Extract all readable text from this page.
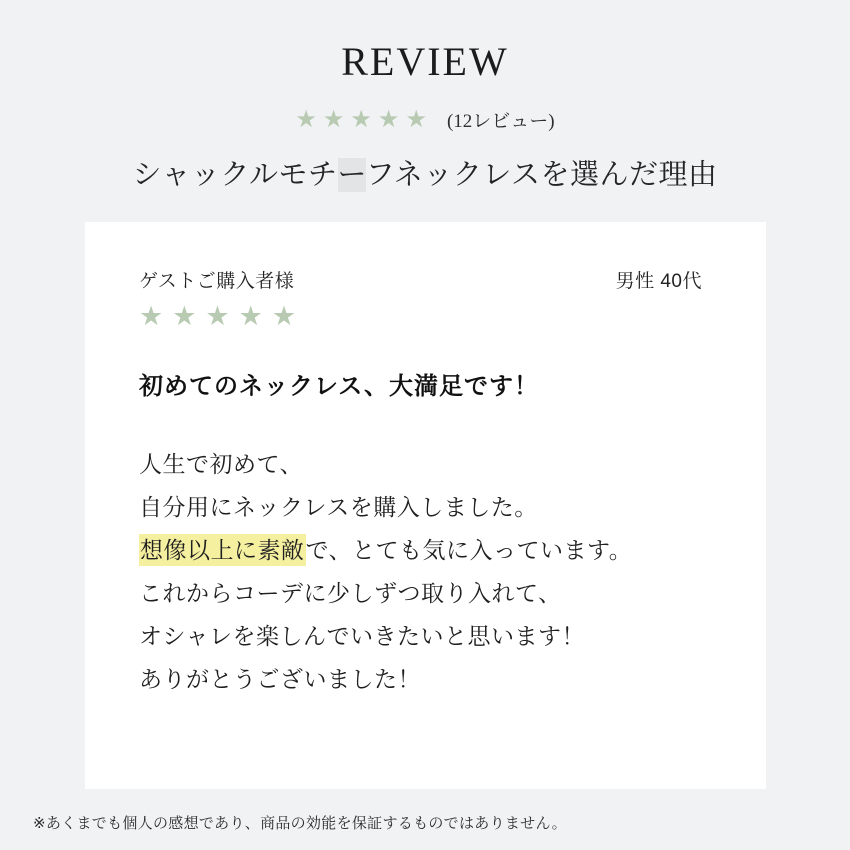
REVIEW
★★★★★ (12レビュー)
シャックルモチーフネックレスを選んだ理由
ゲストご購入者様	男性 40代
★★★★★
初めてのネックレス、大満足です！

人生で初めて、

自分用にネックレスを購入しました。

想像以上に素敵で、とても気に入っています。

これからコーデに少しずつ取り入れて、

オシャレを楽しんでいきたいと思います！

ありがとうございました！

※あくまでも個人の感想であり、商品の効能を保証するものではありません。
